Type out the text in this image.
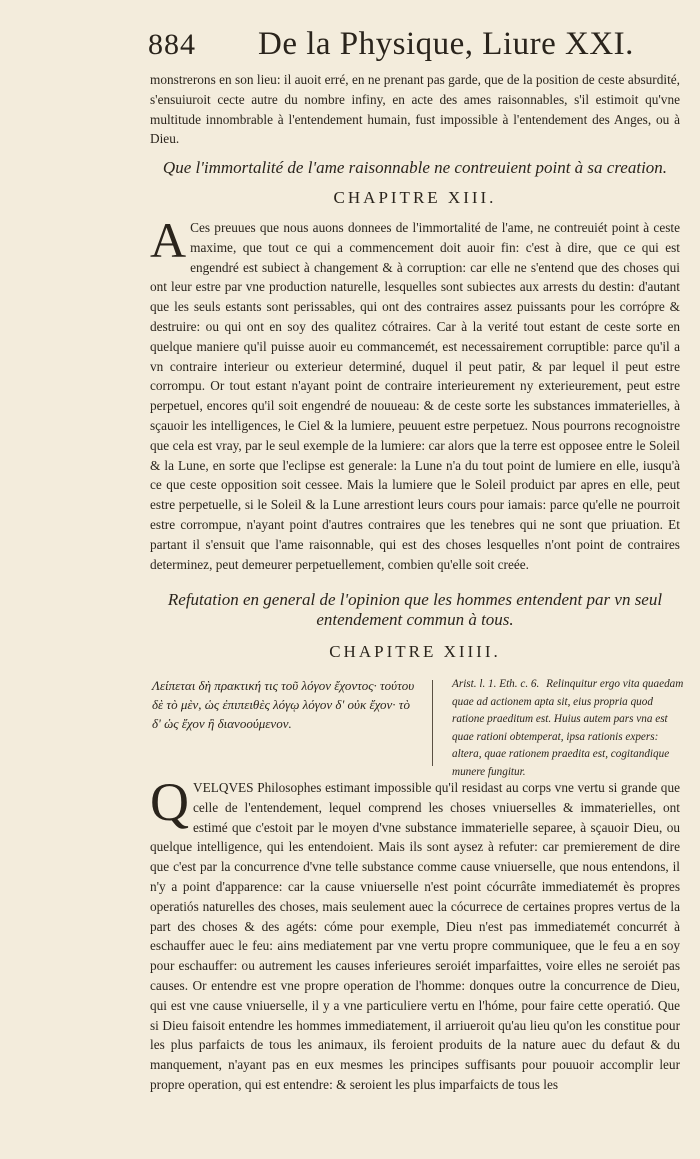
884 De la Physique, Liure XXI.

monstrerons en son lieu: il auoit erré, en ne prenant pas garde, que de la position de ceste absurdité, s'ensuiuroit cecte autre du nombre infiny, en acte des ames raisonnables, s'il estimoit qu'vne multitude innombrable à l'entendement humain, fust impossible à l'entendement des Anges, ou à Dieu.

Que l'immortalité de l'ame raisonnable ne contreuient point à sa creation.

CHAPITRE XIII.

A Ces preuues que nous auons donnees de l'immortalité de l'ame, ne contreuiét point à ceste maxime, que tout ce qui a commencement doit auoir fin: c'est à dire, que ce qui est engendré est subiect à changement & à corruption: car elle ne s'entend que des choses qui ont leur estre par vne production naturelle, lesquelles sont subiectes aux arrests du destin: d'autant que les seuls estants sont perissables, qui ont des contraires assez puissants pour les corrópre & destruire: ou qui ont en soy des qualitez cótraires. Car à la verité tout estant de ceste sorte en quelque maniere qu'il puisse auoir eu commancemét, est necessairement corruptible: parce qu'il a vn contraire interieur ou exterieur determiné, duquel il peut patir, & par lequel il peut estre corrompu. Or tout estant n'ayant point de contraire interieurement ny exterieurement, peut estre perpetuel, encores qu'il soit engendré de nouueau: & de ceste sorte les substances immaterielles, à sçauoir les intelligences, le Ciel & la lumiere, peuuent estre perpetuez. Nous pourrons recognoistre que cela est vray, par le seul exemple de la lumiere: car alors que la terre est opposee entre le Soleil & la Lune, en sorte que l'eclipse est generale: la Lune n'a du tout point de lumiere en elle, iusqu'à ce que ceste opposition soit cessee. Mais la lumiere que le Soleil produict par apres en elle, peut estre perpetuelle, si le Soleil & la Lune arrestiont leurs cours pour iamais: parce qu'elle ne pourroit estre corrompue, n'ayant point d'autres contraires que les tenebres qui ne sont que priuation. Et partant il s'ensuit que l'ame raisonnable, qui est des choses lesquelles n'ont point de contraires determinez, peut demeurer perpetuellement, combien qu'elle soit creée.

Refutation en general de l'opinion que les hommes entendent par vn seul

entendement commun à tous.

CHAPITRE XIIII.

Λείπεται δὴ πρακτική τις τοῦ λόγον ἔχοντος· τούτου δὲ τὸ μὲν, ὡς ἐπιπειθὲς λόγῳ λόγον δ' οὐκ ἔχον· τὸ δ' ὡς ἔχον ἢ διανοούμενον.
Arist. l. 1. Eth. c. 6. Relinquitur ergo vita quaedam quae ad actionem apta sit, eius propria quod ratione praeditum est. Huius autem pars vna est quae rationi obtemperat, ipsa rationis expers: altera, quae rationem praedita est, cogitandique munere fungitur.
Q VELQVES Philosophes estimant impossible qu'il residast au corps vne vertu si grande que celle de l'entendement, lequel comprend les choses vniuerselles & immaterielles, ont estimé que c'estoit par le moyen d'vne substance immaterielle separee, à sçauoir Dieu, ou quelque intelligence, qui les entendoient. Mais ils sont aysez à refuter: car premierement de dire que c'est par la concurrence d'vne telle substance comme cause vniuerselle, que nous entendons, il n'y a point d'apparence: car la cause vniuerselle n'est point cócurrâte immediatemét ès propres operatiós naturelles des choses, mais seulement auec la cócurrece de certaines propres vertus de la part des choses & des agéts: cóme pour exemple, Dieu n'est pas immediatemét concurrét à eschauffer auec le feu: ains mediatement par vne vertu propre communiquee, que le feu a en soy pour eschauffer: ou autrement les causes inferieures seroiét imparfaittes, voire elles ne seroiét pas causes. Or entendre est vne propre operation de l'homme: donques outre la concurrence de Dieu, qui est vne cause vniuerselle, il y a vne particuliere vertu en l'hóme, pour faire cette operatió. Que si Dieu faisoit entendre les hommes immediatement, il arriueroit qu'au lieu qu'on les constitue pour les plus parfaicts de tous les animaux, ils feroient produits de la nature auec du defaut & du manquement, n'ayant pas en eux mesmes les principes suffisants pour pouuoir accomplir leur propre operation, qui est entendre: & seroient les plus imparfaicts de tous les
